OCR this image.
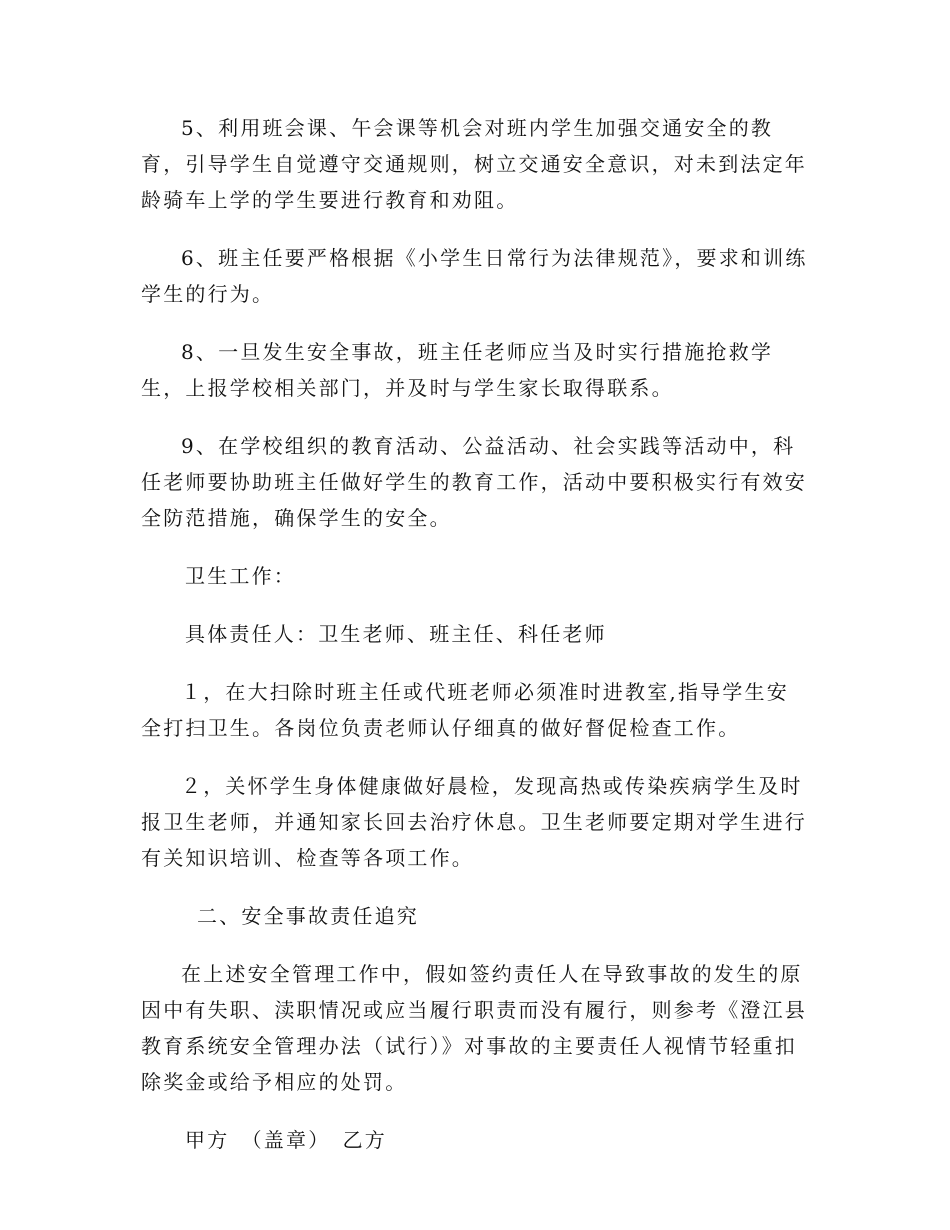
5、利用班会课、午会课等机会对班内学生加强交通安全的教育，引导学生自觉遵守交通规则，树立交通安全意识，对未到法定年龄骑车上学的学生要进行教育和劝阻。

6、班主任要严格根据《小学生日常行为法律规范》，要求和训练学生的行为。

8、一旦发生安全事故，班主任老师应当及时实行措施抢救学生，上报学校相关部门，并及时与学生家长取得联系。

9、在学校组织的教育活动、公益活动、社会实践等活动中，科任老师要协助班主任做好学生的教育工作，活动中要积极实行有效安全防范措施，确保学生的安全。

卫生工作：

具体责任人：卫生老师、班主任、科任老师

１，在大扫除时班主任或代班老师必须准时进教室,指导学生安全打扫卫生。各岗位负责老师认仔细真的做好督促检查工作。

２，关怀学生身体健康做好晨检，发现高热或传染疾病学生及时报卫生老师，并通知家长回去治疗休息。卫生老师要定期对学生进行有关知识培训、检查等各项工作。

二、安全事故责任追究

在上述安全管理工作中，假如签约责任人在导致事故的发生的原因中有失职、渎职情况或应当履行职责而没有履行，则参考《澄江县教育系统安全管理办法（试行）》对事故的主要责任人视情节轻重扣除奖金或给予相应的处罚。

甲方　（盖章）　乙方
